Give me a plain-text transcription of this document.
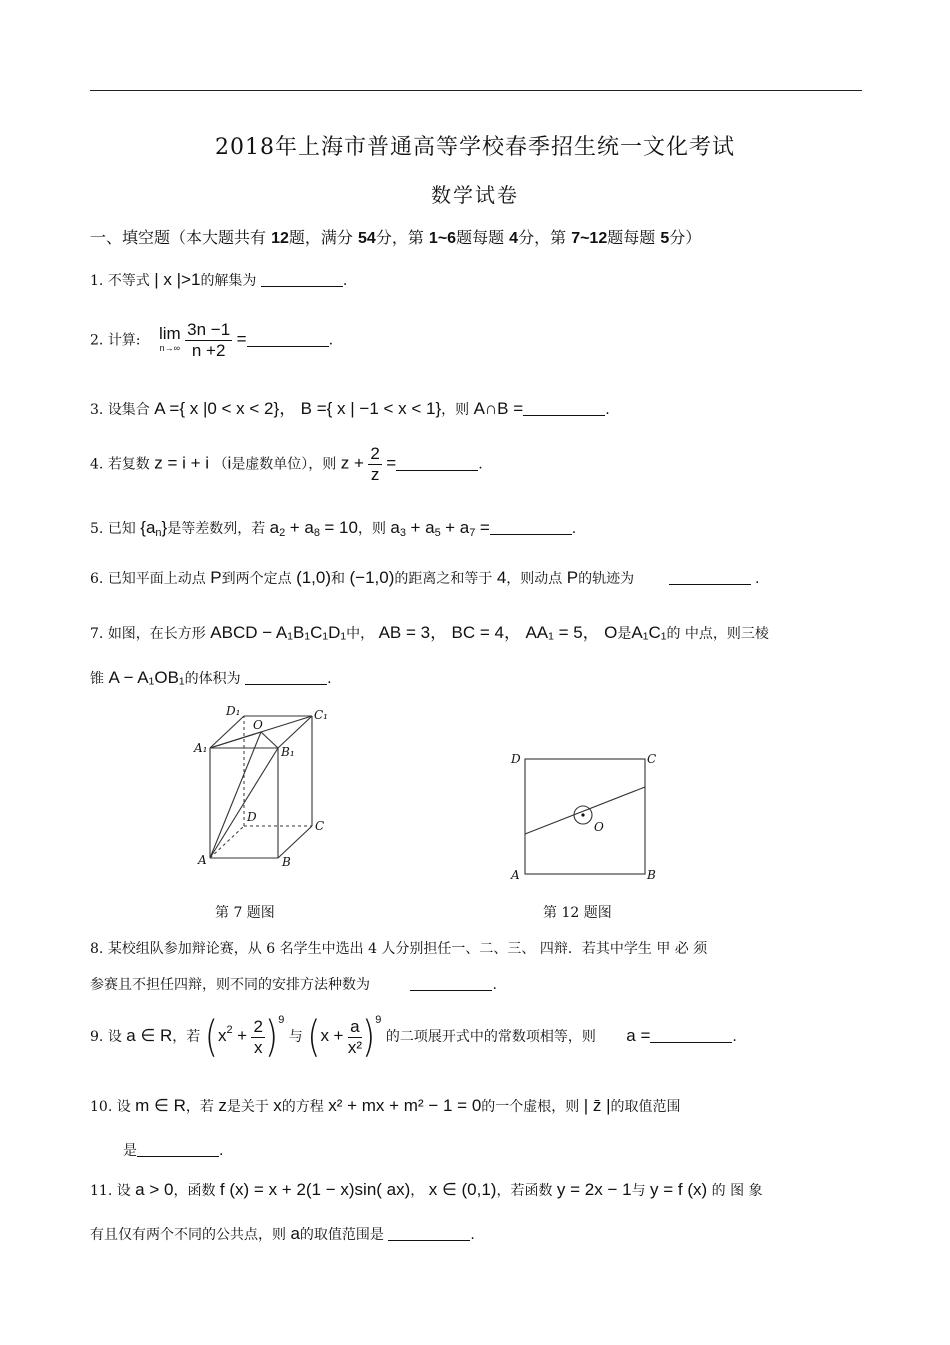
2018年上海市普通高等学校春季招生统一文化考试
数学试卷
一、填空题（本大题共有 12题，满分 54分，第 1~6题每题 4分，第 7~12题每题 5分）
1. 不等式 | x |>1的解集为	.
2. 计算: lim
n→∞
$\frac{3n -1}{n +2}$ =	.
3. 设集合 A ={ x |0 < x < 2}， B ={ x | −1 < x < 1}，则 A∩B =	.
4. 若复数 z = i + i （i是虚数单位），则 $z + \frac{2}{z}$ =	.
5. 已知 $\{a_n\}$是等差数列，若 $a_2 + a_8 = 10$，则 $a_3 + a_5 + a_7$ =	.
6. 已知平面上动点 P到两个定点 (1,0)和 (−1,0)的距离之和等于 4，则动点 P的轨迹为	.
7. 如图，在长方形 ABCD − A₁B₁C₁D₁中， AB = 3， BC = 4， AA₁ = 5， O是A₁C₁的 中点，则三棱
锥 A − A₁OB₁的体积为	.
D₁
O
C₁
A₁	B₁
D
C
A	B
第 7 题图
D	C
O
A	B
第 12 题图
8. 某校组队参加辩论赛，从 6 名学生中选出 4 人分别担任一、二、三、 四辩．若其中学生 甲 必 须
参赛且不担任四辩，则不同的安排方法种数为	.
9. 设 a ∈ R，若 $(x^2 + \frac{2}{x} )^9$ 与 $(x + \frac{a}{\text{x²}} )^9$ 的二项展开式中的常数项相等，则 a =	.
10. 设 m ∈ R，若 z是关于 x的方程 x² + mx + m² − 1 = 0的一个虚根，则 | z̄ |的取值范围
是	.
11. 设 a > 0，函数 f (x) = x + 2(1 − x)sin( ax)， x ∈ (0,1)，若函数 y = 2x − 1与 y = f (x) 的 图 象
有且仅有两个不同的公共点，则 a的取值范围是	.
